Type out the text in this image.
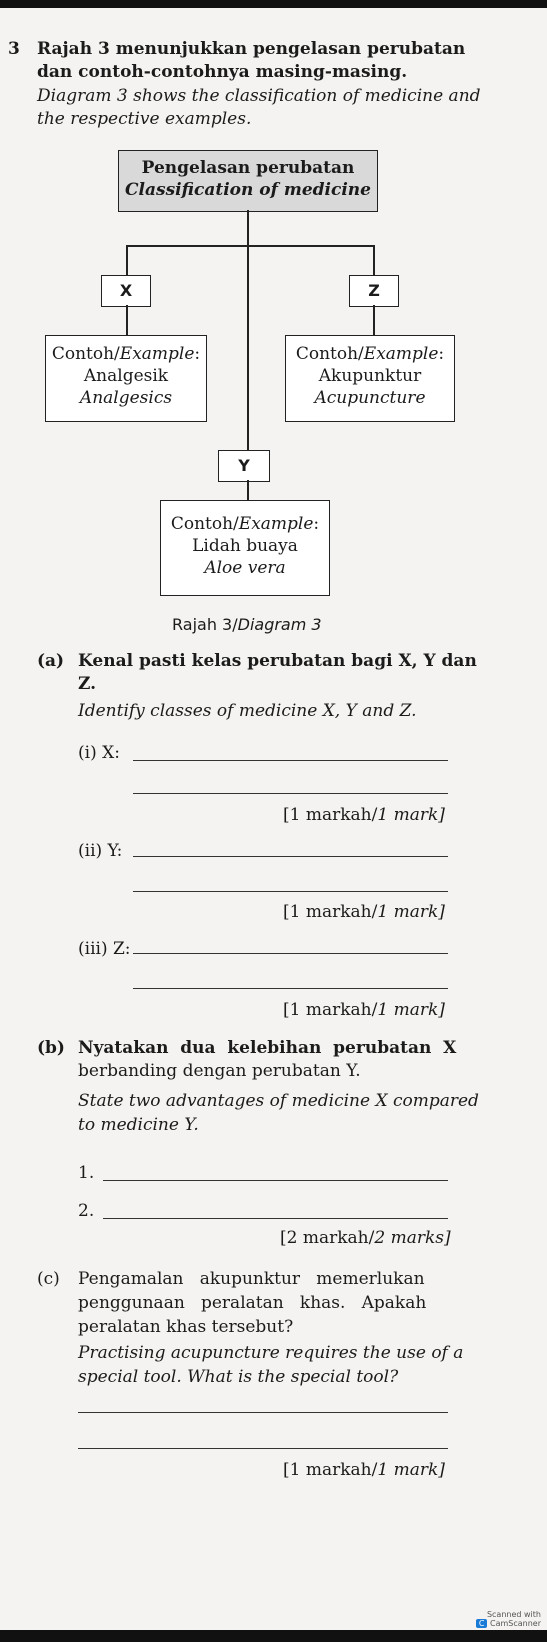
3 Rajah 3 menunjukkan pengelasan perubatan
dan contoh-contohnya masing-masing.
Diagram 3 shows the classification of medicine and
the respective examples.
Pengelasan perubatan
Classification of medicine
X	Z
Contoh/Example:
Analgesik
Analgesics
Contoh/Example:
Akupunktur
Acupuncture
Y
Contoh/Example:
Lidah buaya
Aloe vera
Rajah 3/Diagram 3
(a) Kenal pasti kelas perubatan bagi X, Y dan
Z.
Identify classes of medicine X, Y and Z.
(i) X:
[1 markah/1 mark]
(ii) Y:
[1 markah/1 mark]
(iii) Z:
[1 markah/1 mark]
(b) Nyatakan  dua  kelebihan  perubatan  X
berbanding dengan perubatan Y.
State two advantages of medicine X compared
to medicine Y.
1.
2.
[2 markah/2 marks]
(c) Pengamalan   akupunktur   memerlukan
penggunaan   peralatan   khas.   Apakah
peralatan khas tersebut?
Practising acupuncture requires the use of a
special tool. What is the special tool?
[1 markah/1 mark]
Scanned with
C CamScanner
